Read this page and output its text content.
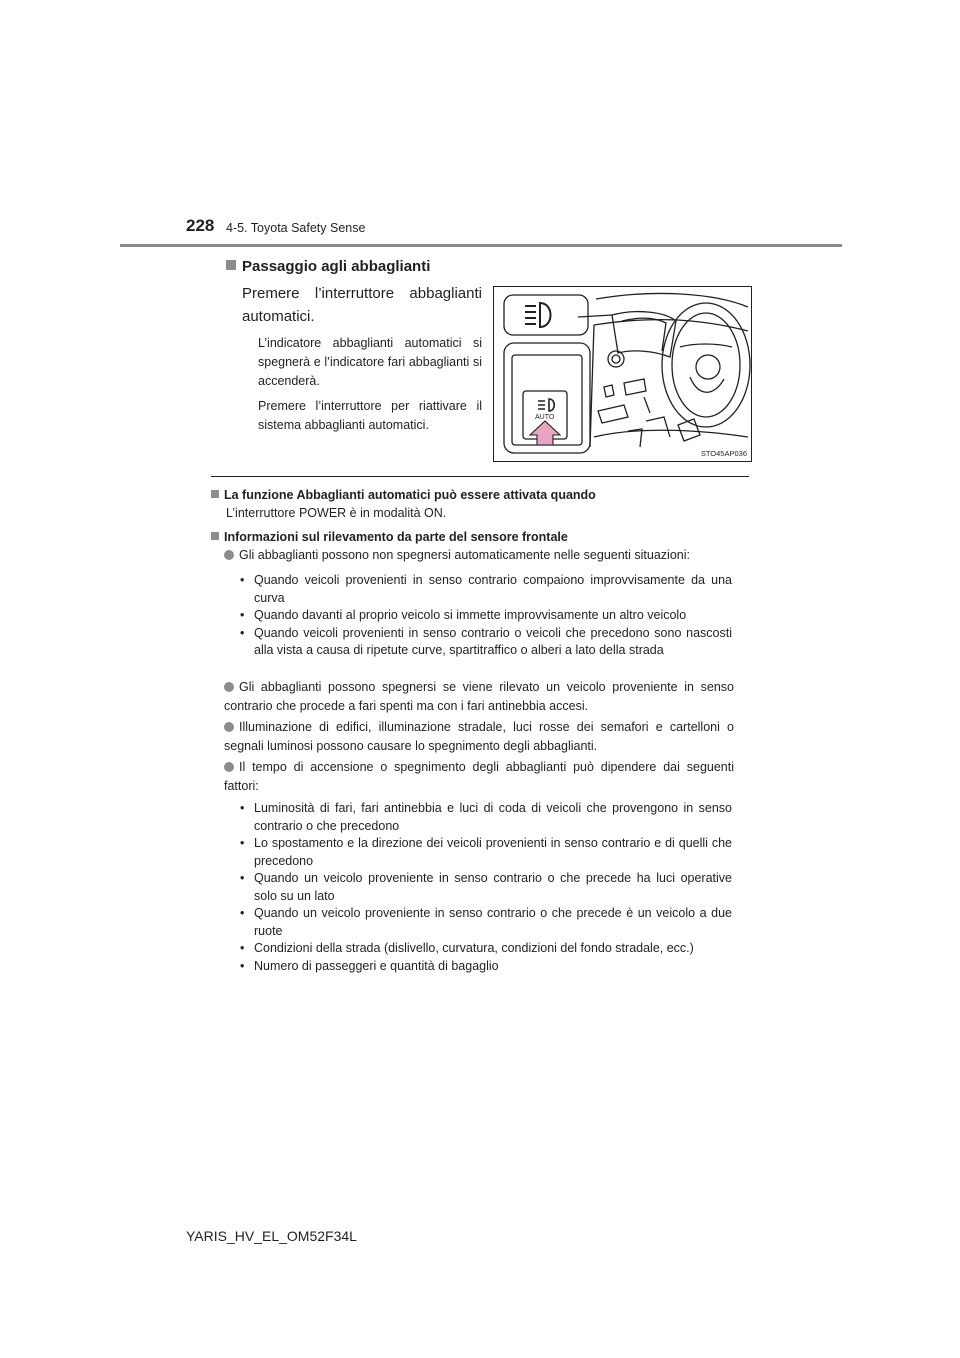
228 4-5. Toyota Safety Sense
Passaggio agli abbaglianti
Premere l’interruttore abbaglianti automatici.
L’indicatore abbaglianti automatici si spegnerà e l’indicatore fari abbaglianti si accenderà.
Premere l’interruttore per riattivare il sistema abbaglianti automatici.
AUTO
STO45AP036
La funzione Abbaglianti automatici può essere attivata quando
L’interruttore POWER è in modalità ON.
Informazioni sul rilevamento da parte del sensore frontale
Gli abbaglianti possono non spegnersi automaticamente nelle seguenti situazioni:
• Quando veicoli provenienti in senso contrario compaiono improvvisamente da una curva
• Quando davanti al proprio veicolo si immette improvvisamente un altro veicolo
• Quando veicoli provenienti in senso contrario o veicoli che precedono sono nascosti alla vista a causa di ripetute curve, spartitraffico o alberi a lato della strada
Gli abbaglianti possono spegnersi se viene rilevato un veicolo proveniente in senso contrario che procede a fari spenti ma con i fari antinebbia accesi.
Illuminazione di edifici, illuminazione stradale, luci rosse dei semafori e cartelloni o segnali luminosi possono causare lo spegnimento degli abbaglianti.
Il tempo di accensione o spegnimento degli abbaglianti può dipendere dai seguenti fattori:
• Luminosità di fari, fari antinebbia e luci di coda di veicoli che provengono in senso contrario o che precedono
• Lo spostamento e la direzione dei veicoli provenienti in senso contrario e di quelli che precedono
• Quando un veicolo proveniente in senso contrario o che precede ha luci operative solo su un lato
• Quando un veicolo proveniente in senso contrario o che precede è un veicolo a due ruote
• Condizioni della strada (dislivello, curvatura, condizioni del fondo stradale, ecc.)
• Numero di passeggeri e quantità di bagaglio
YARIS_HV_EL_OM52F34L
